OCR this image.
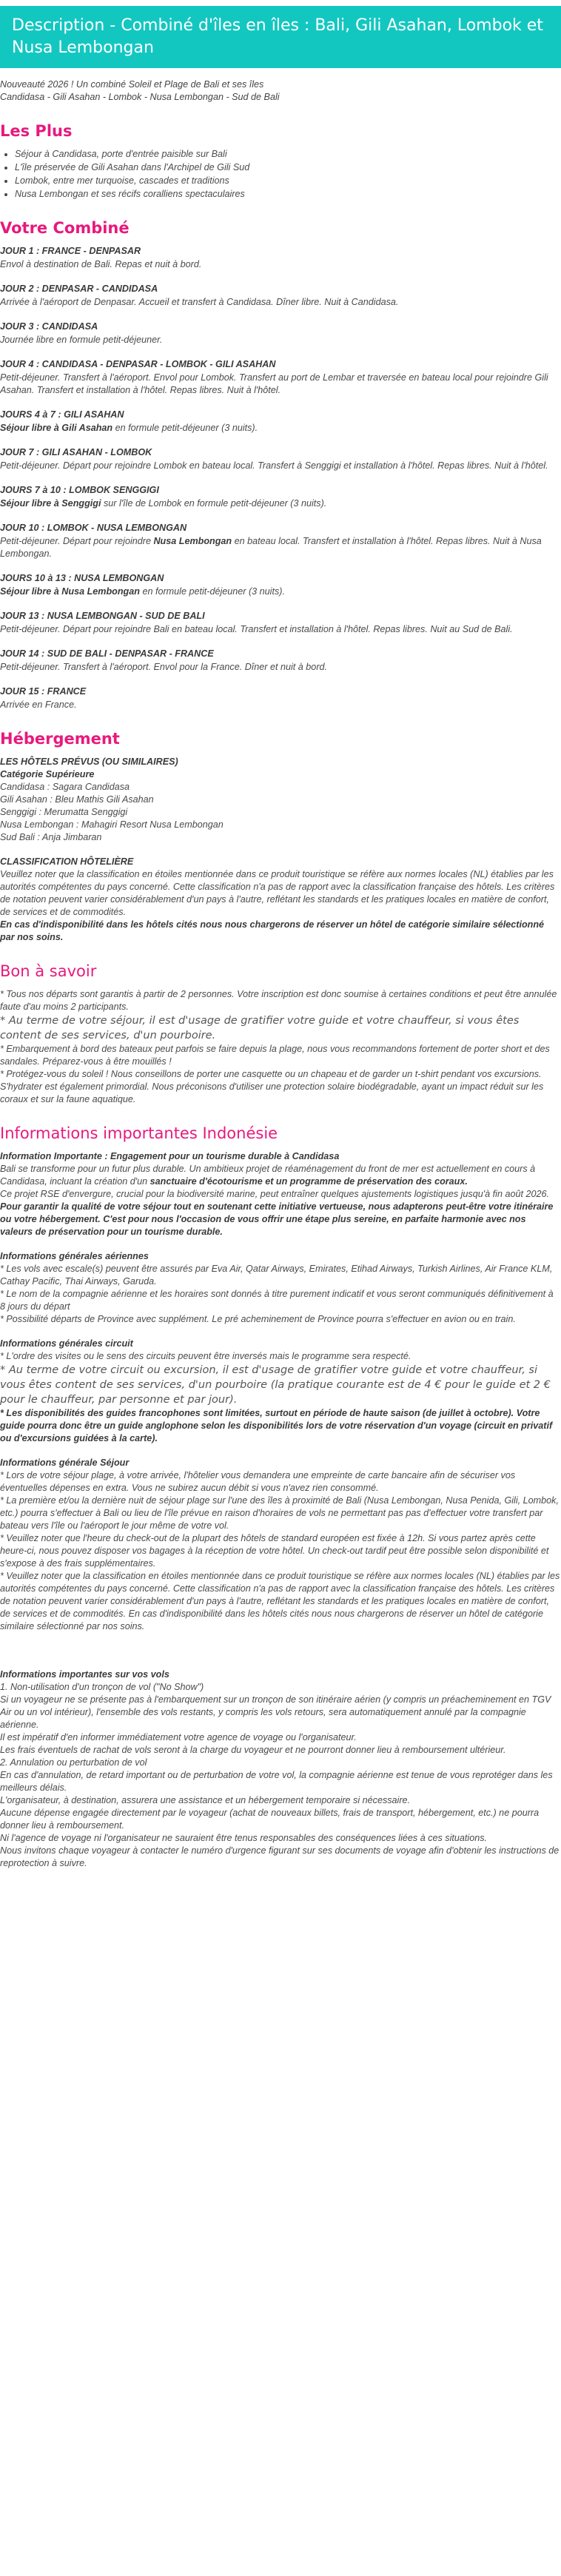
Description - Combiné d'îles en îles : Bali, Gili Asahan, Lombok et Nusa Lembongan

Nouveauté 2026 ! Un combiné Soleil et Plage de Bali et ses îles

Candidasa - Gili Asahan - Lombok - Nusa Lembongan - Sud de Bali

Les Plus
• Séjour à Candidasa, porte d'entrée paisible sur Bali
• L'île préservée de Gili Asahan dans l'Archipel de Gili Sud
• Lombok, entre mer turquoise, cascades et traditions
• Nusa Lembongan et ses récifs coralliens spectaculaires
Votre Combiné
JOUR 1 : FRANCE - DENPASAR
Envol à destination de Bali. Repas et nuit à bord.
JOUR 2 : DENPASAR - CANDIDASA
Arrivée à l'aéroport de Denpasar. Accueil et transfert à Candidasa. Dîner libre. Nuit à Candidasa.
JOUR 3 : CANDIDASA
Journée libre en formule petit-déjeuner.
JOUR 4 : CANDIDASA - DENPASAR - LOMBOK - GILI ASAHAN
Petit-déjeuner. Transfert à l'aéroport. Envol pour Lombok. Transfert au port de Lembar et traversée en bateau local pour rejoindre Gili Asahan. Transfert et installation à l'hôtel. Repas libres. Nuit à l'hôtel.
JOURS 4 à 7 : GILI ASAHAN
Séjour libre à Gili Asahan en formule petit-déjeuner (3 nuits).
JOUR 7 : GILI ASAHAN - LOMBOK
Petit-déjeuner. Départ pour rejoindre Lombok en bateau local. Transfert à Senggigi et installation à l'hôtel. Repas libres. Nuit à l'hôtel.
JOURS 7 à 10 : LOMBOK SENGGIGI
Séjour libre à Senggigi sur l'île de Lombok en formule petit-déjeuner (3 nuits).
JOUR 10 : LOMBOK - NUSA LEMBONGAN
Petit-déjeuner. Départ pour rejoindre Nusa Lembongan en bateau local. Transfert et installation à l'hôtel. Repas libres. Nuit à Nusa Lembongan.
JOURS 10 à 13 : NUSA LEMBONGAN
Séjour libre à Nusa Lembongan en formule petit-déjeuner (3 nuits).
JOUR 13 : NUSA LEMBONGAN - SUD DE BALI
Petit-déjeuner. Départ pour rejoindre Bali en bateau local. Transfert et installation à l'hôtel. Repas libres. Nuit au Sud de Bali.
JOUR 14 : SUD DE BALI - DENPASAR - FRANCE
Petit-déjeuner. Transfert à l'aéroport. Envol pour la France. Dîner et nuit à bord.
JOUR 15 : FRANCE
Arrivée en France.
Hébergement
LES HÔTELS PRÉVUS (OU SIMILAIRES)
Catégorie Supérieure
Candidasa : Sagara Candidasa
Gili Asahan : Bleu Mathis Gili Asahan
Senggigi : Merumatta Senggigi
Nusa Lembongan : Mahagiri Resort Nusa Lembongan
Sud Bali : Anja Jimbaran
CLASSIFICATION HÔTELIÈRE
Veuillez noter que la classification en étoiles mentionnée dans ce produit touristique se réfère aux normes locales (NL) établies par les autorités compétentes du pays concerné. Cette classification n'a pas de rapport avec la classification française des hôtels. Les critères de notation peuvent varier considérablement d'un pays à l'autre, reflétant les standards et les pratiques locales en matière de confort, de services et de commodités.
En cas d'indisponibilité dans les hôtels cités nous nous chargerons de réserver un hôtel de catégorie similaire sélectionné par nos soins.
Bon à savoir
* Tous nos départs sont garantis à partir de 2 personnes. Votre inscription est donc soumise à certaines conditions et peut être annulée faute d'au moins 2 participants.
* Au terme de votre séjour, il est d'usage de gratifier votre guide et votre chauffeur, si vous êtes content de ses services, d'un pourboire.
* Embarquement à bord des bateaux peut parfois se faire depuis la plage, nous vous recommandons fortement de porter short et des sandales. Préparez-vous à être mouillés !
* Protégez-vous du soleil ! Nous conseillons de porter une casquette ou un chapeau et de garder un t-shirt pendant vos excursions. S'hydrater est également primordial. Nous préconisons d'utiliser une protection solaire biodégradable, ayant un impact réduit sur les coraux et sur la faune aquatique.
Informations importantes Indonésie
Information Importante : Engagement pour un tourisme durable à Candidasa
Bali se transforme pour un futur plus durable. Un ambitieux projet de réaménagement du front de mer est actuellement en cours à Candidasa, incluant la création d'un sanctuaire d'écotourisme et un programme de préservation des coraux.
Ce projet RSE d'envergure, crucial pour la biodiversité marine, peut entraîner quelques ajustements logistiques jusqu'à fin août 2026. Pour garantir la qualité de votre séjour tout en soutenant cette initiative vertueuse, nous adapterons peut-être votre itinéraire ou votre hébergement. C'est pour nous l'occasion de vous offrir une étape plus sereine, en parfaite harmonie avec nos valeurs de préservation pour un tourisme durable.
Informations générales aériennes
* Les vols avec escale(s) peuvent être assurés par Eva Air, Qatar Airways, Emirates, Etihad Airways, Turkish Airlines, Air France KLM, Cathay Pacific, Thai Airways, Garuda.
* Le nom de la compagnie aérienne et les horaires sont donnés à titre purement indicatif et vous seront communiqués définitivement à 8 jours du départ
* Possibilité départs de Province avec supplément. Le pré acheminement de Province pourra s'effectuer en avion ou en train.
Informations générales circuit
* L'ordre des visites ou le sens des circuits peuvent être inversés mais le programme sera respecté.
* Au terme de votre circuit ou excursion, il est d'usage de gratifier votre guide et votre chauffeur, si vous êtes content de ses services, d'un pourboire (la pratique courante est de 4 € pour le guide et 2 € pour le chauffeur, par personne et par jour).
* Les disponibilités des guides francophones sont limitées, surtout en période de haute saison (de juillet à octobre). Votre guide pourra donc être un guide anglophone selon les disponibilités lors de votre réservation d'un voyage (circuit en privatif ou d'excursions guidées à la carte).
Informations générale Séjour
* Lors de votre séjour plage, à votre arrivée, l'hôtelier vous demandera une empreinte de carte bancaire afin de sécuriser vos éventuelles dépenses en extra. Vous ne subirez aucun débit si vous n'avez rien consommé.
* La première et/ou la dernière nuit de séjour plage sur l'une des îles à proximité de Bali (Nusa Lembongan, Nusa Penida, Gili, Lombok, etc.) pourra s'effectuer à Bali ou lieu de l'île prévue en raison d'horaires de vols ne permettant pas pas d'effectuer votre transfert par bateau vers l'île ou l'aéroport le jour même de votre vol.
* Veuillez noter que l'heure du check-out de la plupart des hôtels de standard européen est fixée à 12h. Si vous partez après cette heure-ci, nous pouvez disposer vos bagages à la réception de votre hôtel. Un check-out tardif peut être possible selon disponibilité et s'expose à des frais supplémentaires.
* Veuillez noter que la classification en étoiles mentionnée dans ce produit touristique se réfère aux normes locales (NL) établies par les autorités compétentes du pays concerné. Cette classification n'a pas de rapport avec la classification française des hôtels. Les critères de notation peuvent varier considérablement d'un pays à l'autre, reflétant les standards et les pratiques locales en matière de confort, de services et de commodités. En cas d'indisponibilité dans les hôtels cités nous nous chargerons de réserver un hôtel de catégorie similaire sélectionné par nos soins.
Informations importantes sur vos vols
1. Non-utilisation d'un tronçon de vol ("No Show")
Si un voyageur ne se présente pas à l'embarquement sur un tronçon de son itinéraire aérien (y compris un préacheminement en TGV Air ou un vol intérieur), l'ensemble des vols restants, y compris les vols retours, sera automatiquement annulé par la compagnie aérienne.
Il est impératif d'en informer immédiatement votre agence de voyage ou l'organisateur.
Les frais éventuels de rachat de vols seront à la charge du voyageur et ne pourront donner lieu à remboursement ultérieur.
2. Annulation ou perturbation de vol
En cas d'annulation, de retard important ou de perturbation de votre vol, la compagnie aérienne est tenue de vous reprotéger dans les meilleurs délais.
L'organisateur, à destination, assurera une assistance et un hébergement temporaire si nécessaire.
Aucune dépense engagée directement par le voyageur (achat de nouveaux billets, frais de transport, hébergement, etc.) ne pourra donner lieu à remboursement.
Ni l'agence de voyage ni l'organisateur ne sauraient être tenus responsables des conséquences liées à ces situations.
Nous invitons chaque voyageur à contacter le numéro d'urgence figurant sur ses documents de voyage afin d'obtenir les instructions de reprotection à suivre.
